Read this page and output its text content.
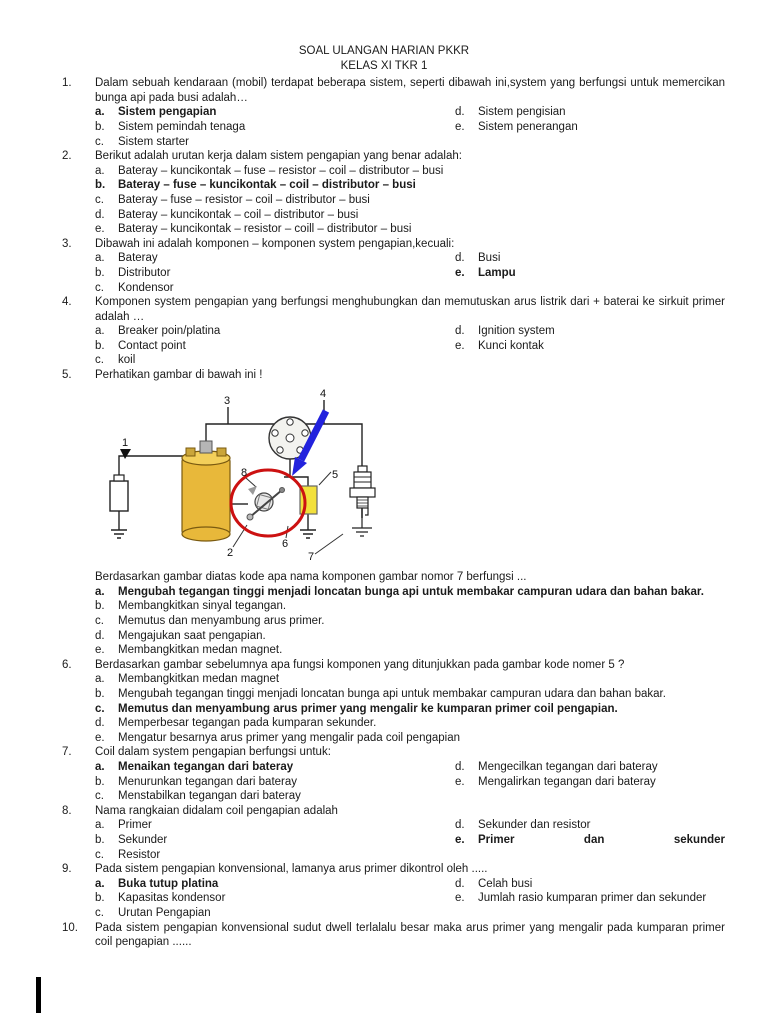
SOAL ULANGAN HARIAN PKKR
KELAS XI TKR 1
1.	Dalam sebuah kendaraan (mobil) terdapat beberapa sistem, seperti dibawah ini,system yang berfungsi untuk memercikan bunga api pada busi adalah…
a.	Sistem pengapian
b.	Sistem pemindah tenaga
c.	Sistem starter
d.	Sistem pengisian
e.	Sistem penerangan
2.	Berikut adalah urutan kerja dalam sistem pengapian yang benar adalah:
a.	Bateray – kuncikontak – fuse – resistor – coil – distributor – busi
b.	Bateray – fuse – kuncikontak – coil – distributor – busi
c.	Bateray – fuse – resistor – coil – distributor – busi
d.	Bateray – kuncikontak – coil – distributor – busi
e.	Bateray – kuncikontak – resistor – coill – distributor – busi
3.	Dibawah ini adalah komponen – komponen system pengapian,kecuali:
a.	Bateray
b.	Distributor
c.	Kondensor
d.	Busi
e.	Lampu
4.	Komponen system pengapian yang berfungsi menghubungkan dan memutuskan arus listrik dari + baterai ke sirkuit primer adalah …
a.	Breaker poin/platina
b.	Contact point
c.	koil
d.	Ignition system
e.	Kunci kontak
5.	Perhatikan gambar di bawah ini !
1
2
3
4
5
6
7
8
Berdasarkan gambar diatas kode apa nama komponen gambar nomor 7 berfungsi ...
a.	Mengubah tegangan tinggi menjadi loncatan bunga api untuk membakar campuran udara dan bahan bakar.
b.	Membangkitkan sinyal tegangan.
c.	Memutus dan menyambung arus primer.
d.	Mengajukan saat pengapian.
e.	Membangkitkan medan magnet.
6.	Berdasarkan gambar sebelumnya apa fungsi komponen yang ditunjukkan pada gambar kode nomer 5 ?
a.	Membangkitkan medan magnet
b.	Mengubah tegangan tinggi menjadi loncatan bunga api untuk membakar campuran udara dan bahan bakar.
c.	Memutus dan menyambung arus primer yang mengalir ke kumparan primer coil pengapian.
d.	Memperbesar tegangan pada kumparan sekunder.
e.	Mengatur besarnya arus primer yang mengalir pada coil pengapian
7.	Coil dalam system pengapian berfungsi untuk:
a.	Menaikan tegangan dari bateray
b.	Menurunkan tegangan dari bateray
c.	Menstabilkan tegangan dari bateray
d.	Mengecilkan tegangan dari bateray
e.	Mengalirkan tegangan dari bateray
8.	Nama rangkaian didalam coil pengapian adalah
a.	Primer
b.	Sekunder
c.	Resistor
d.	Sekunder dan resistor
e.	Primer dan sekunder
9.	Pada sistem pengapian konvensional, lamanya arus primer dikontrol oleh .....
a.	Buka tutup platina
b.	Kapasitas kondensor
c.	Urutan Pengapian
d.	Celah busi
e.	Jumlah rasio kumparan primer dan sekunder
10.	Pada sistem pengapian konvensional sudut dwell terlalalu besar maka arus primer yang mengalir pada kumparan primer coil pengapian ......
